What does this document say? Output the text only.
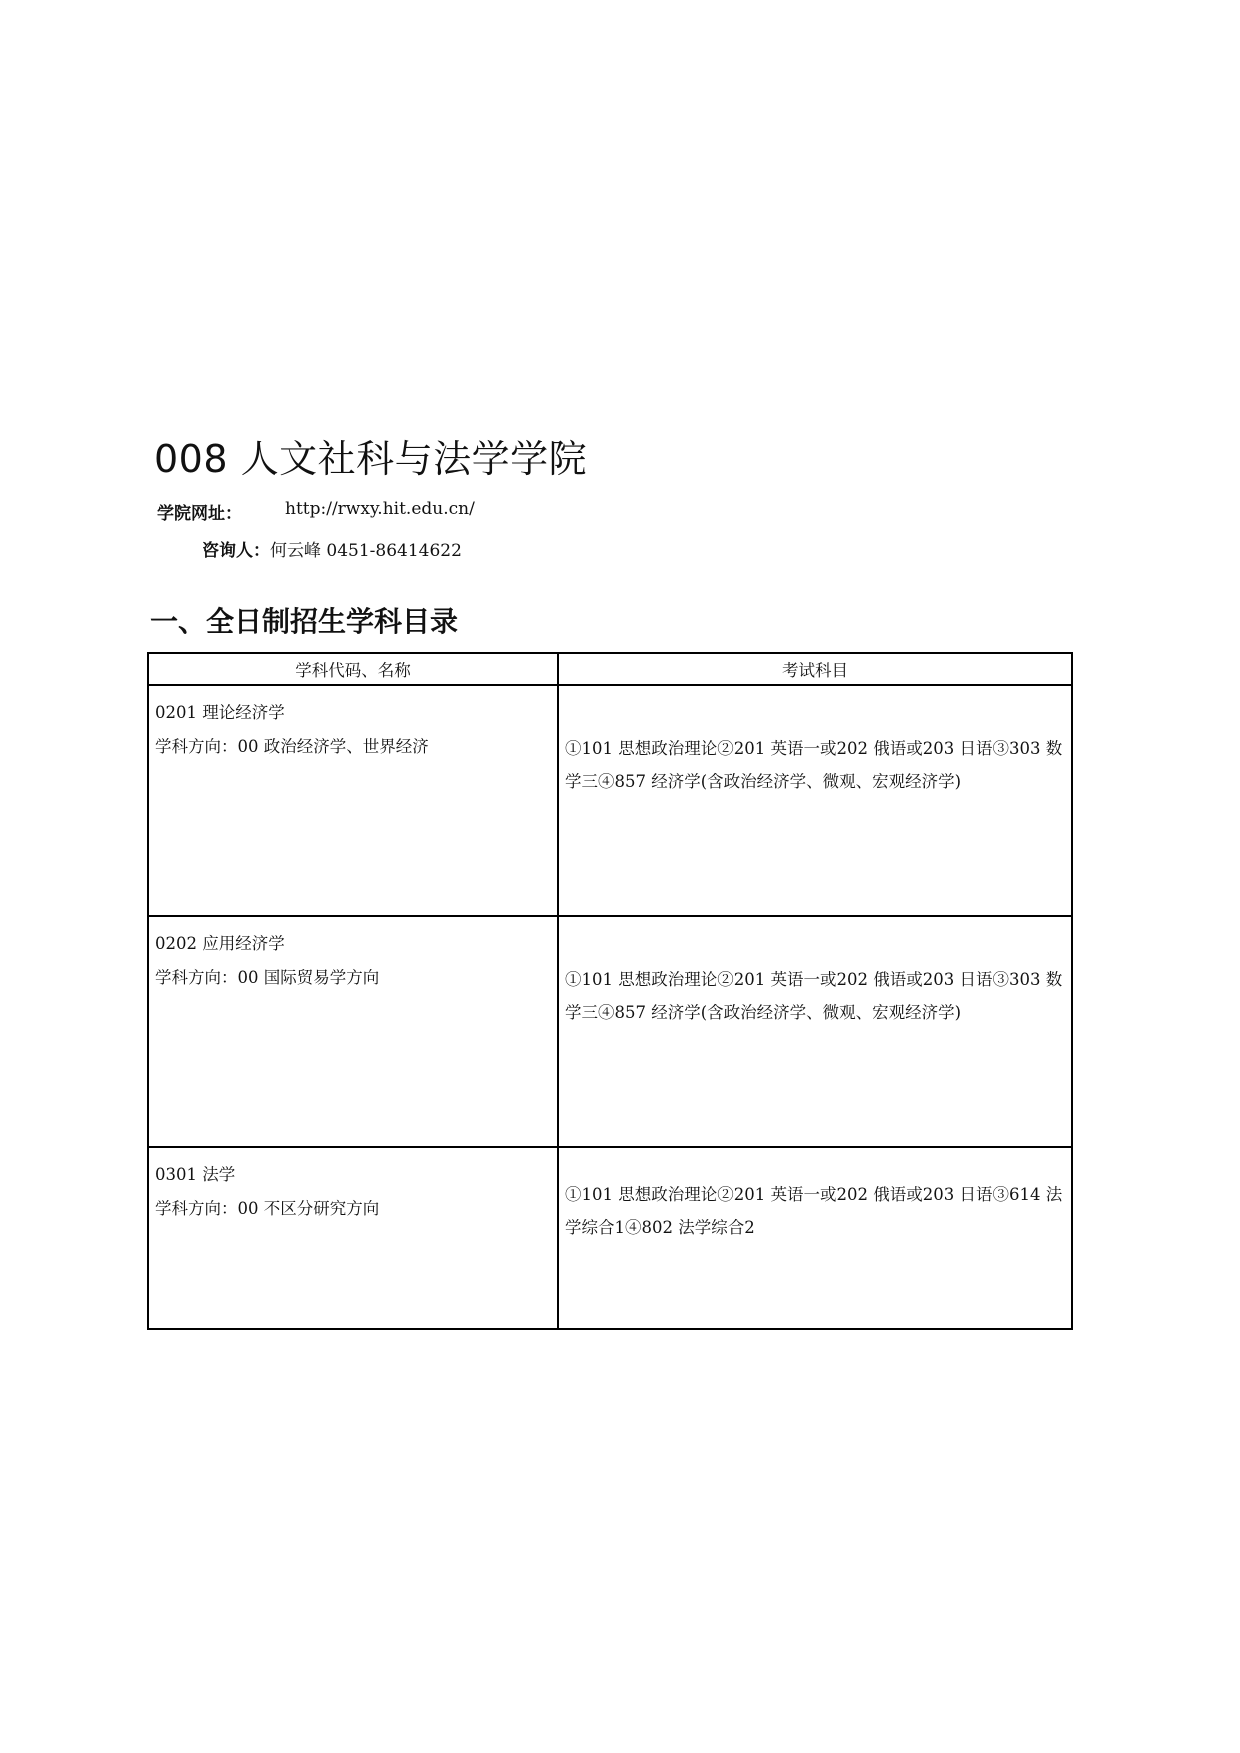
008 人文社科与法学学院
学院网址：	http://rwxy.hit.edu.cn/
咨询人：何云峰 0451-86414622
一、全日制招生学科目录
学科代码、名称	考试科目

0201 理论经济学
学科方向：00 政治经济学、世界经济	①101 思想政治理论②201 英语一或202 俄语或203 日语③303 数学三④857 经济学(含政治经济学、微观、宏观经济学)

0202 应用经济学
学科方向：00 国际贸易学方向	①101 思想政治理论②201 英语一或202 俄语或203 日语③303 数学三④857 经济学(含政治经济学、微观、宏观经济学)

0301 法学
学科方向：00 不区分研究方向	①101 思想政治理论②201 英语一或202 俄语或203 日语③614 法学综合1④802 法学综合2
